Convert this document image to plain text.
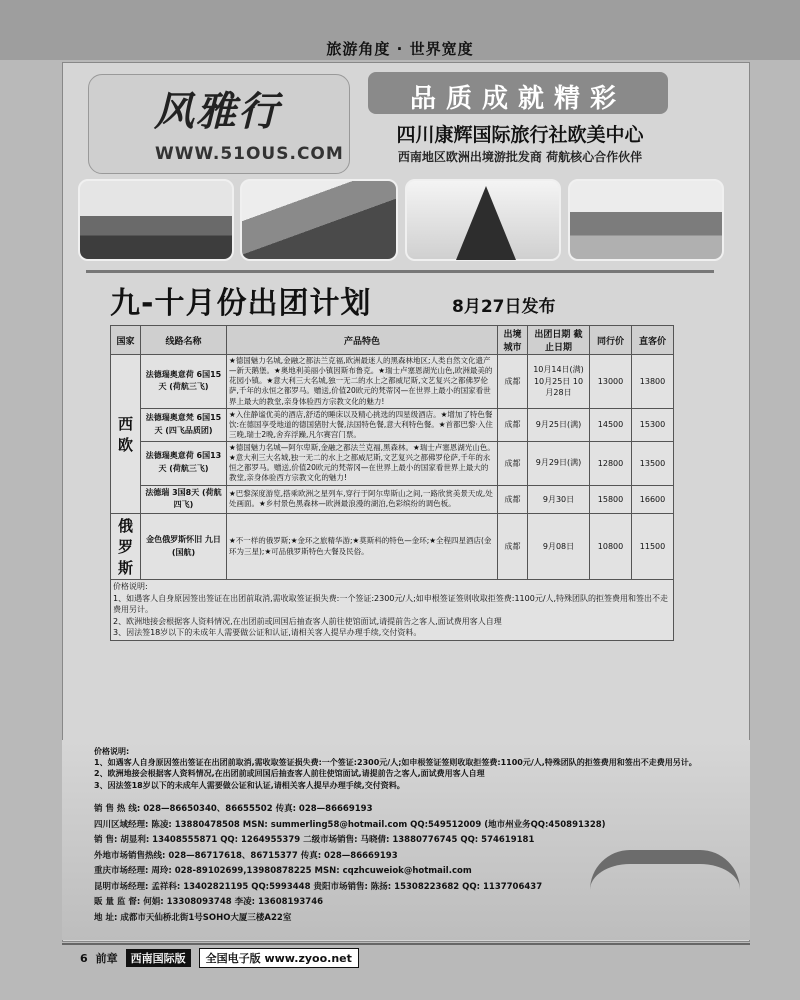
旅游角度 · 世界宽度
风雅行
WWW.51OUS.COM
品质成就精彩
四川康辉国际旅行社欧美中心
西南地区欧洲出境游批发商 荷航核心合作伙伴
九-十月份出团计划	8月27日发布
国家	线路名称	产品特色	出境城市	出团日期 截止日期	同行价	直客价
西 欧	法德瑞奥意荷 6国15天 (荷航三飞)	★德国魅力名城,金融之都法兰克福,欧洲最迷人的黑森林地区;人类自然文化遗产—新天鹅堡。★奥地利美丽小镇因斯布鲁克。★瑞士卢塞恩湖光山色,欧洲最美的花园小镇。★意大利三大名城,独一无二的水上之都威尼斯,文艺复兴之都佛罗伦萨,千年的永恒之都罗马。赠送,价值20欧元的梵蒂冈—在世界上最小的国家看世界上最大的教堂,亲身体验西方宗教文化的魅力!	成都	10月14日(满) 10月25日 10月28日	13000	13800
	法德瑞奥意梵 6国15天 (四飞品质团)	★入住静谧优美的酒店,舒适的睡床以及精心挑选的四星级酒店。★增加了特色餐饮:在德国享受地道的德国猪肘大餐,法国特色餐,意大利特色餐。★首都巴黎·入住三晚,瑞士2晚,舍弃浮躁,凡尔赛宫门票。	成都	9月25日(满)	14500	15300
	法德瑞奥意荷 6国13天 (荷航三飞)	★德国魅力名城—阿尔卑斯,金融之都法兰克福,黑森林。★瑞士卢塞恩湖光山色。★意大利三大名城,独一无二的水上之都威尼斯,文艺复兴之都佛罗伦萨,千年的永恒之都罗马。赠送,价值20欧元的梵蒂冈—在世界上最小的国家看世界上最大的教堂,亲身体验西方宗教文化的魅力!	成都	9月29日(满)	12800	13500
	法德瑞 3国8天 (荷航四飞)	★巴黎深度游览,搭乘欧洲之星列车,穿行于阿尔卑斯山之间,一路欣赏美景天成,处处画面。★乡村景色黑森林—欧洲最浪漫的湖泊,色彩缤纷的调色板。	成都	9月30日	15800	16600
俄 罗 斯	金色俄罗斯怀旧 九日 (国航)	★不一样的俄罗斯;★金环之旅精华游;★莫斯科的特色—金环;★全程四星酒店(金环为三星);★可品俄罗斯特色大餐及民俗。	成都	9月08日	10800	11500

价格说明:
1、如遇客人自身原因签出签证在出团前取消,需收取签证损失费:一个签证:2300元/人;如申根签证签则收取拒签费:1100元/人,特殊团队的拒签费用和签出不走费用另计。
2、欧洲地接会根据客人资料情况,在出团前或回国后抽查客人前往使馆面试,请提前告之客人,面试费用客人自理
3、因法签18岁以下的未成年人需要做公证和认证,请相关客人提早办理手续,交付资料。						
价格说明:
1、如遇客人自身原因签出签证在出团前取消,需收取签证损失费:一个签证:2300元/人;如申根签证签则收取拒签费:1100元/人,特殊团队的拒签费用和签出不走费用另计。
2、欧洲地接会根据客人资料情况,在出团前或回国后抽查客人前往使馆面试,请提前告之客人,面试费用客人自理
3、因法签18岁以下的未成年人需要做公证和认证,请相关客人提早办理手续,交付资料。
销 售 热 线: 028—86650340、86655502 传真: 028—86669193
四川区域经理: 陈凌: 13880478508 MSN: summerling58@hotmail.com QQ:549512009 (地市州业务QQ:450891328)
销 售: 胡显利: 13408555871 QQ: 1264955379 二级市场销售: 马晓倩: 13880776745 QQ: 574619181
外地市场销售热线: 028—86717618、86715377 传真: 028—86669193
重庆市场经理: 周玲: 028-89102699,13980878225 MSN: cqzhcuweiok@hotmail.com
昆明市场经理: 孟祥科: 13402821195 QQ:5993448 贵阳市场销售: 陈扬: 15308223682 QQ: 1137706437
販 量 监 督: 何娟: 13308093748 李凌: 13608193746
地 址: 成都市天仙桥北街1号SOHO大厦三楼A22室
6 前章	西南国际版	全国电子版 www.zyoo.net
